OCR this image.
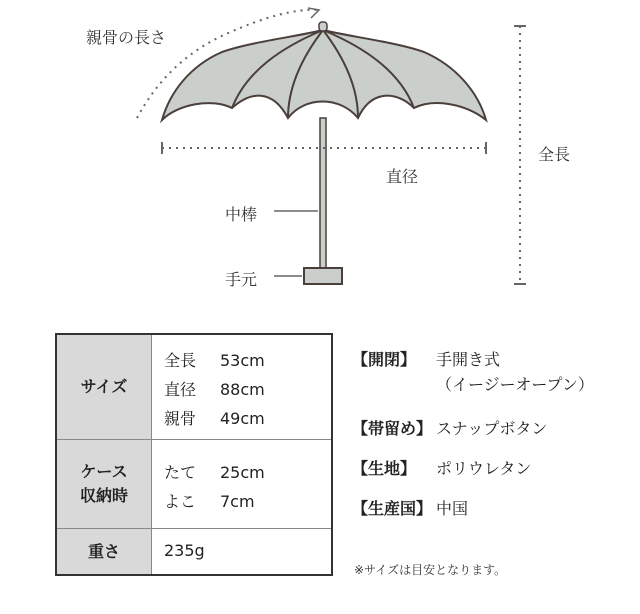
親骨の長さ
全長
直径
中棒
手元
サイズ
全長 53cm
直径 88cm
親骨 49cm
ケース
収納時
たて 25cm
よこ 7cm
重さ	235g
【開閉】 手開き式
（イージーオープン）
【帯留め】 スナップボタン
【生地】 ポリウレタン
【生産国】 中国
※サイズは目安となります。
